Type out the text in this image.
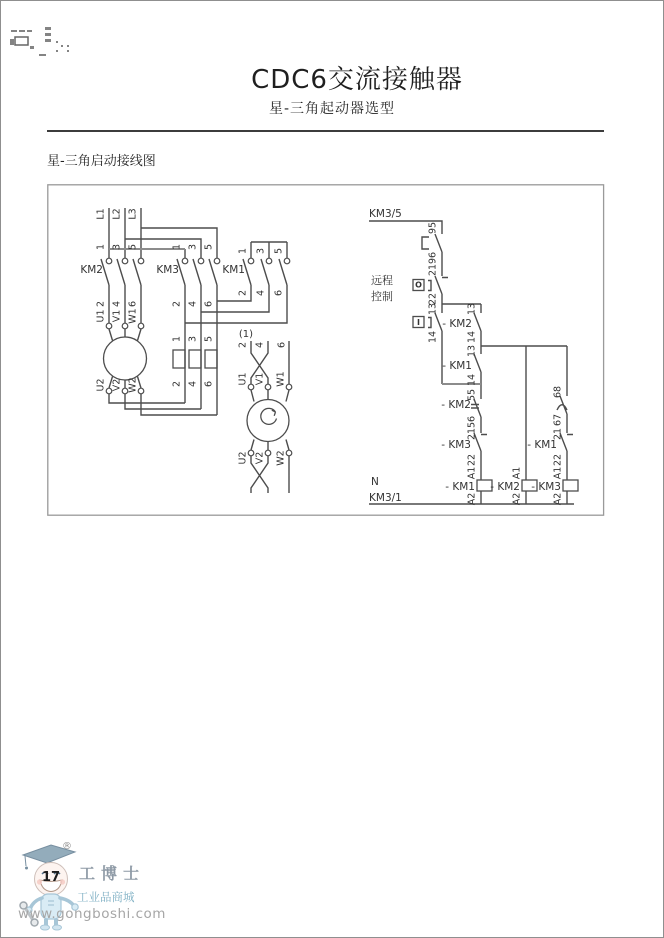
CDC6交流接触器
星-三角起动器选型
星-三角启动接线图
L1 L2 L3
KM2	KM3	KM1
1 3 5
2 4 6
1 3 5
2 4 6
1 3 5
2 4 6
U1 V1 W1
U2 V2 W2
1 3 5
2 4 6
(1)
2 4 6
U1 V1 W1
U2 V2 W2
O
I
KM3/5
远程
控制
95
96
21
22
13
14
13
- KM2
14
13
- KM1
14
55
- KM2
56
21
- KM3
22
A1
- KM1
A2
A1
- KM2
A2
68
67
21
- KM1
22
A1
- KM3
A2
N
KM3/1
17
®
工博士
工业品商城
www.gongboshi.com
